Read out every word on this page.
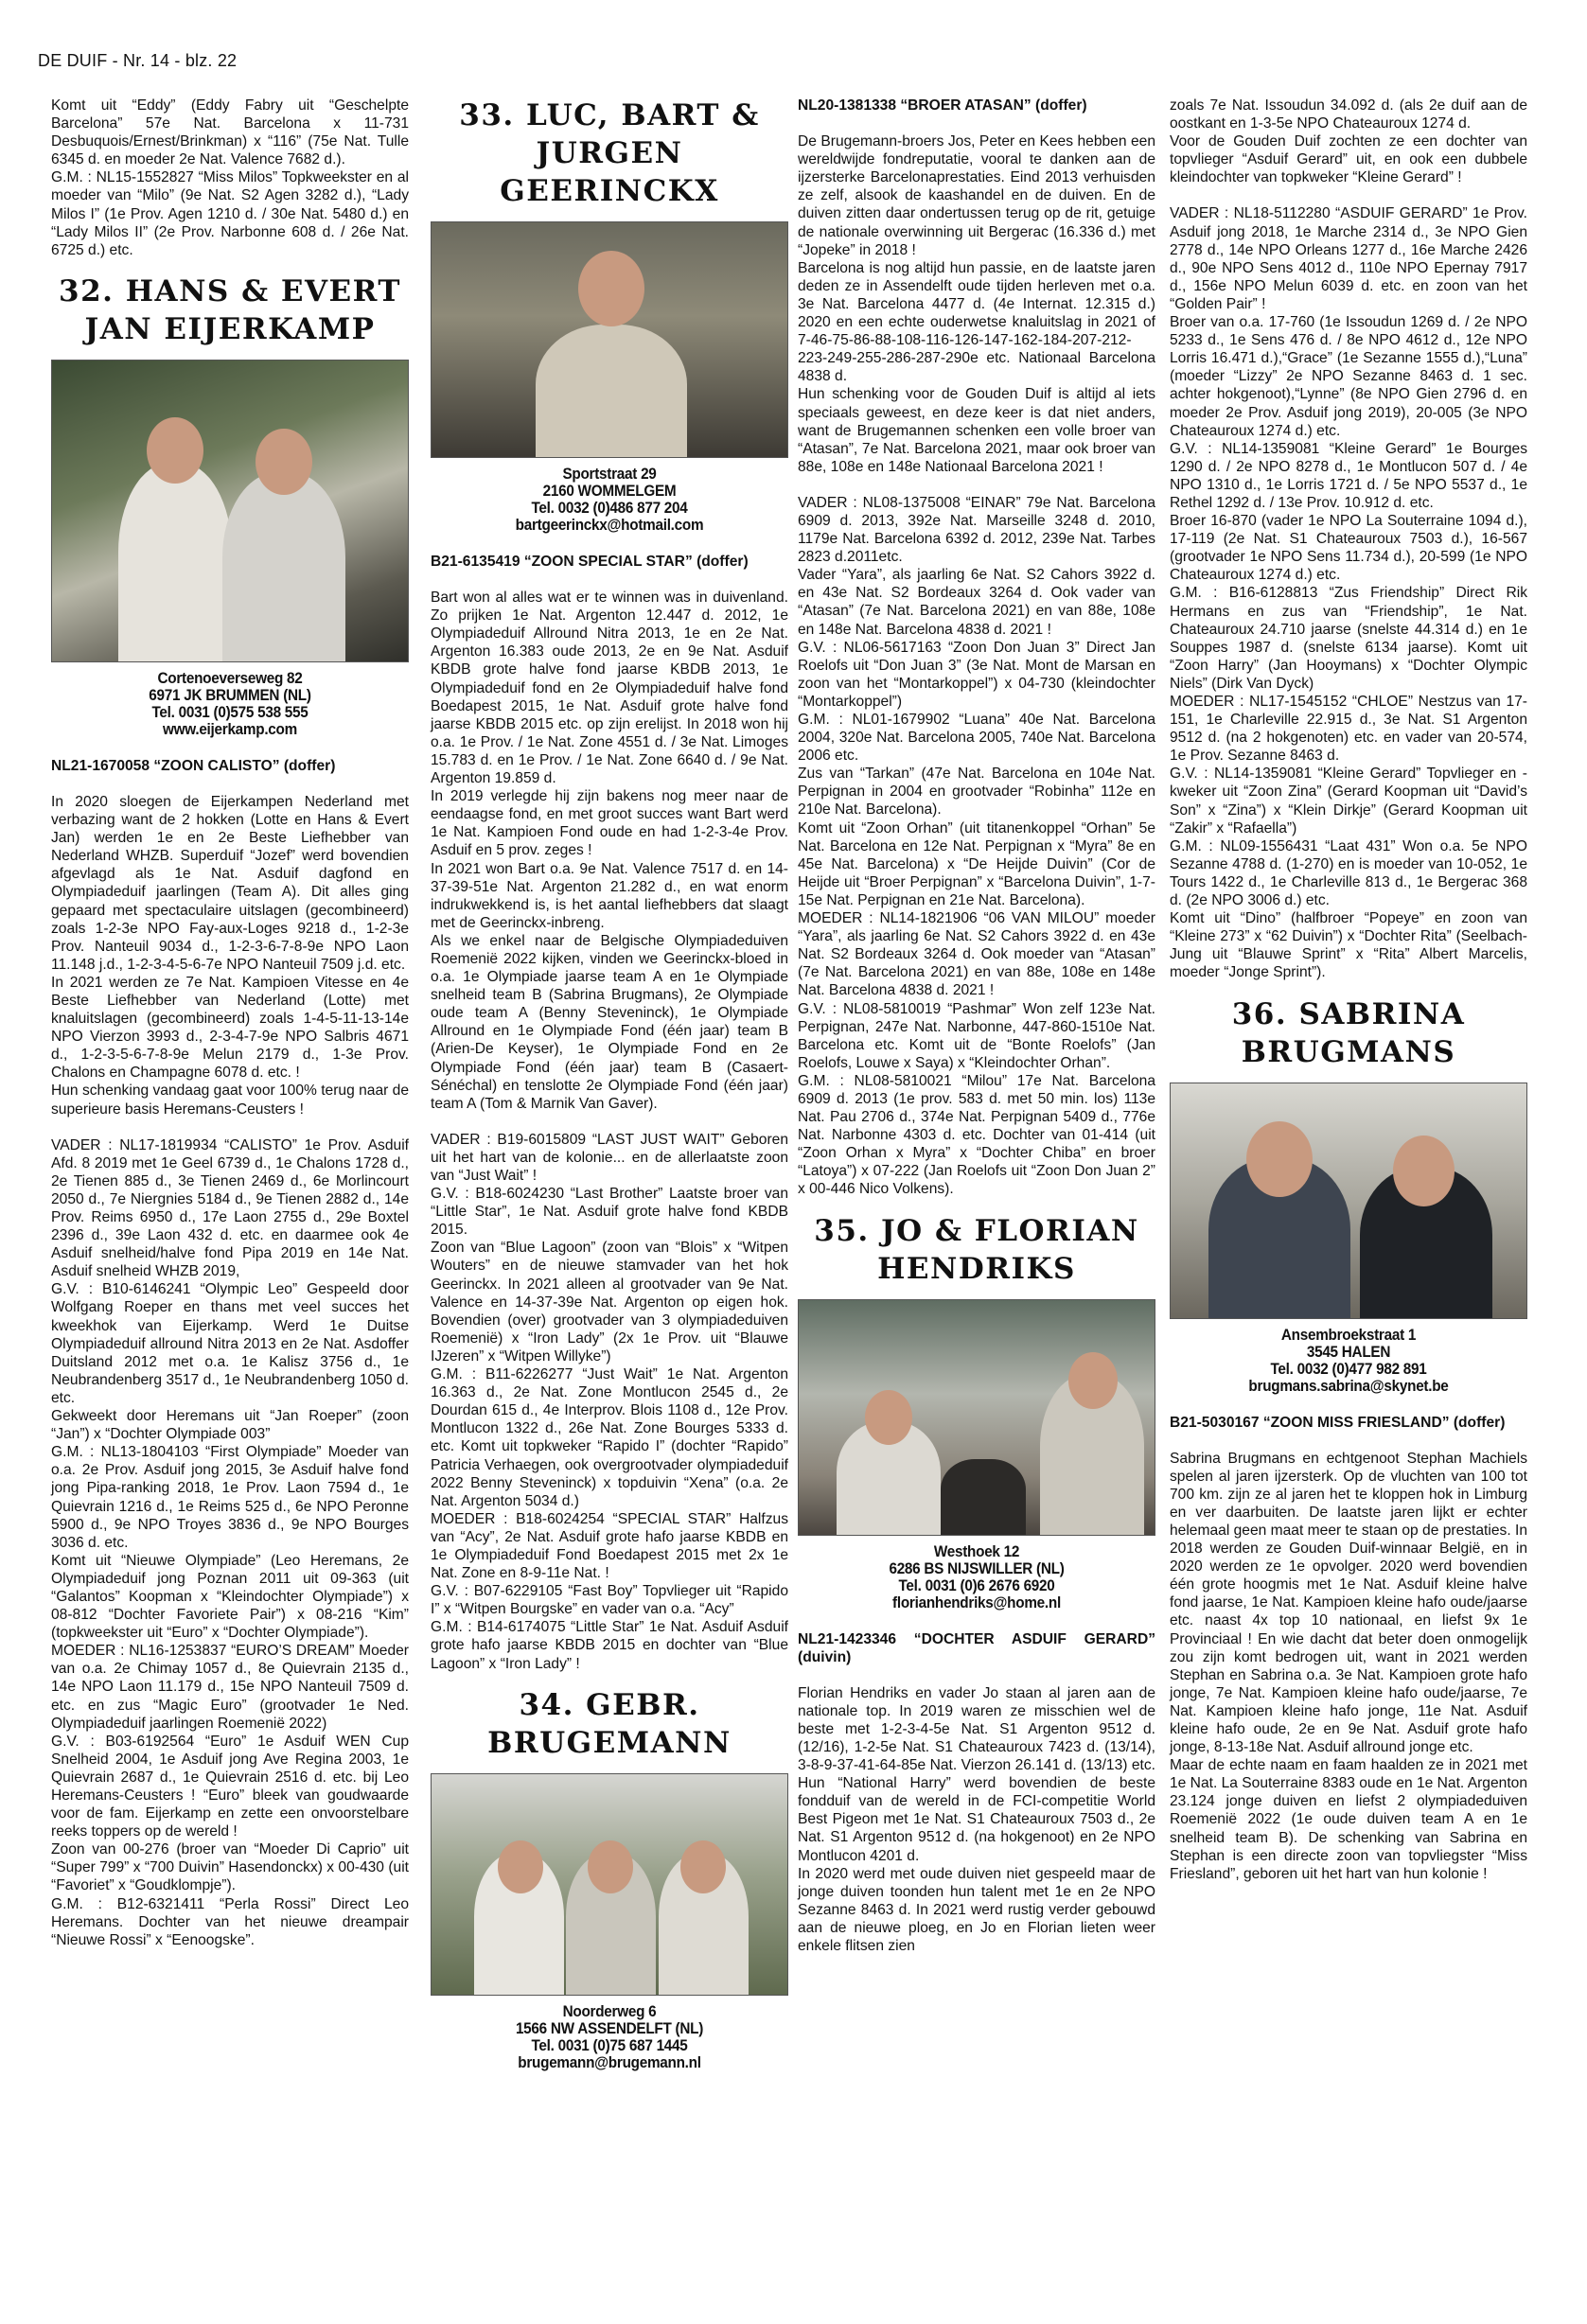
DE DUIF - Nr. 14 - blz. 22

Komt uit “Eddy” (Eddy Fabry uit “Geschelpte Barcelona” 57e Nat. Barcelona x 11-731 Desbuquois/Ernest/Brinkman) x “116” (75e Nat. Tulle 6345 d. en moeder 2e Nat. Valence 7682 d.).

G.M. : NL15-1552827 “Miss Milos” Topkweekster en al moeder van “Milo” (9e Nat. S2 Agen 3282 d.), “Lady Milos I” (1e Prov. Agen 1210 d. / 30e Nat. 5480 d.) en “Lady Milos II” (2e Prov. Narbonne 608 d. / 26e Nat. 6725 d.) etc.

32. HANS & EVERT JAN EIJERKAMP
Cortenoeverseweg 82
6971 JK BRUMMEN (NL)
Tel. 0031 (0)575 538 555
www.eijerkamp.com

NL21-1670058 “ZOON CALISTO” (doffer)

In 2020 sloegen de Eijerkampen Nederland met verbazing want de 2 hokken (Lotte en Hans & Evert Jan) werden 1e en 2e Beste Liefhebber van Nederland WHZB. Superduif “Jozef” werd bovendien afgevlagd als 1e Nat. Asduif dagfond en Olympiadeduif jaarlingen (Team A). Dit alles ging gepaard met spectaculaire uitslagen (gecombineerd) zoals 1-2-3e NPO Fay-aux-Loges 9218 d., 1-2-3e Prov. Nanteuil 9034 d., 1-2-3-6-7-8-9e NPO Laon 11.148 j.d., 1-2-3-4-5-6-7e NPO Nanteuil 7509 j.d. etc.

In 2021 werden ze 7e Nat. Kampioen Vitesse en 4e Beste Liefhebber van Nederland (Lotte) met knaluitslagen (gecombineerd) zoals 1-4-5-11-13-14e NPO Vierzon 3993 d., 2-3-4-7-9e NPO Salbris 4671 d., 1-2-3-5-6-7-8-9e Melun 2179 d., 1-3e Prov. Chalons en Champagne 6078 d. etc. !

Hun schenking vandaag gaat voor 100% terug naar de superieure basis Heremans-Ceusters !

VADER : NL17-1819934 “CALISTO” 1e Prov. Asduif Afd. 8 2019 met 1e Geel 6739 d., 1e Chalons 1728 d., 2e Tienen 885 d., 3e Tienen 2469 d., 6e Morlincourt 2050 d., 7e Niergnies 5184 d., 9e Tienen 2882 d., 14e Prov. Reims 6950 d., 17e Laon 2755 d., 29e Boxtel 2396 d., 39e Laon 432 d. etc. en daarmee ook 4e Asduif snelheid/halve fond Pipa 2019 en 14e Nat. Asduif snelheid WHZB 2019,

G.V. : B10-6146241 “Olympic Leo” Gespeeld door Wolfgang Roeper en thans met veel succes het kweekhok van Eijerkamp. Werd 1e Duitse Olympiadeduif allround Nitra 2013 en 2e Nat. Asdoffer Duitsland 2012 met o.a. 1e Kalisz 3756 d., 1e Neubrandenberg 3517 d., 1e Neubrandenberg 1050 d. etc.

Gekweekt door Heremans uit “Jan Roeper” (zoon “Jan”) x “Dochter Olympiade 003”

G.M. : NL13-1804103 “First Olympiade” Moeder van o.a. 2e Prov. Asduif jong 2015, 3e Asduif halve fond jong Pipa-ranking 2018, 1e Prov. Laon 7594 d., 1e Quievrain 1216 d., 1e Reims 525 d., 6e NPO Peronne 5900 d., 9e NPO Troyes 3836 d., 9e NPO Bourges 3036 d. etc.

Komt uit “Nieuwe Olympiade” (Leo Heremans, 2e Olympiadeduif jong Poznan 2011 uit 09-363 (uit “Galantos” Koopman x “Kleindochter Olympiade”) x 08-812 “Dochter Favoriete Pair”) x 08-216 “Kim” (topkweekster uit “Euro” x “Dochter Olympiade”).

MOEDER : NL16-1253837 “EURO’S DREAM” Moeder van o.a. 2e Chimay 1057 d., 8e Quievrain 2135 d., 14e NPO Laon 11.179 d., 15e NPO Nanteuil 7509 d. etc. en zus “Magic Euro” (grootvader 1e Ned. Olympiadeduif jaarlingen Roemenië 2022)

G.V. : B03-6192564 “Euro” 1e Asduif WEN Cup Snelheid 2004, 1e Asduif jong Ave Regina 2003, 1e Quievrain 2687 d., 1e Quievrain 2516 d. etc. bij Leo Heremans-Ceusters ! “Euro” bleek van goudwaarde voor de fam. Eijerkamp en zette een onvoorstelbare reeks toppers op de wereld !

Zoon van 00-276 (broer van “Moeder Di Caprio” uit “Super 799” x “700 Duivin” Hasendonckx) x 00-430 (uit “Favoriet” x “Goudklompje”).

G.M. : B12-6321411 “Perla Rossi” Direct Leo Heremans. Dochter van het nieuwe dreampair “Nieuwe Rossi” x “Eenoogske”.

33. LUC, BART & JURGEN GEERINCKX
Sportstraat 29
2160 WOMMELGEM
Tel. 0032 (0)486 877 204
bartgeerinckx@hotmail.com

B21-6135419 “ZOON SPECIAL STAR” (doffer)

Bart won al alles wat er te winnen was in duivenland. Zo prijken 1e Nat. Argenton 12.447 d. 2012, 1e Olympiadeduif Allround Nitra 2013, 1e en 2e Nat. Argenton 16.383 oude 2013, 2e en 9e Nat. Asduif KBDB grote halve fond jaarse KBDB 2013, 1e Olympiadeduif fond en 2e Olympiadeduif halve fond Boedapest 2015, 1e Nat. Asduif grote halve fond jaarse KBDB 2015 etc. op zijn erelijst. In 2018 won hij o.a. 1e Prov. / 1e Nat. Zone 4551 d. / 3e Nat. Limoges 15.783 d. en 1e Prov. / 1e Nat. Zone 6640 d. / 9e Nat. Argenton 19.859 d.

In 2019 verlegde hij zijn bakens nog meer naar de eendaagse fond, en met groot succes want Bart werd 1e Nat. Kampioen Fond oude en had 1-2-3-4e Prov. Asduif en 5 prov. zeges !

In 2021 won Bart o.a. 9e Nat. Valence 7517 d. en 14-37-39-51e Nat. Argenton 21.282 d., en wat enorm indrukwekkend is, is het aantal liefhebbers dat slaagt met de Geerinckx-inbreng.

Als we enkel naar de Belgische Olympiadeduiven Roemenië 2022 kijken, vinden we Geerinckx-bloed in o.a. 1e Olympiade jaarse team A en 1e Olympiade snelheid team B (Sabrina Brugmans), 2e Olympiade oude team A (Benny Steveninck), 1e Olympiade Allround en 1e Olympiade Fond (één jaar) team B (Arien-De Keyser), 1e Olympiade Fond en 2e Olympiade Fond (één jaar) team B (Casaert-Sénéchal) en tenslotte 2e Olympiade Fond (één jaar) team A (Tom & Marnik Van Gaver).

VADER : B19-6015809 “LAST JUST WAIT” Geboren uit het hart van de kolonie... en de allerlaatste zoon van “Just Wait” !

G.V. : B18-6024230 “Last Brother” Laatste broer van “Little Star”, 1e Nat. Asduif grote halve fond KBDB 2015.

Zoon van “Blue Lagoon” (zoon van “Blois” x “Witpen Wouters” en de nieuwe stamvader van het hok Geerinckx. In 2021 alleen al grootvader van 9e Nat. Valence en 14-37-39e Nat. Argenton op eigen hok. Bovendien (over) grootvader van 3 olympiadeduiven Roemenië) x “Iron Lady” (2x 1e Prov. uit “Blauwe IJzeren” x “Witpen Willyke”)

G.M. : B11-6226277 “Just Wait” 1e Nat. Argenton 16.363 d., 2e Nat. Zone Montlucon 2545 d., 2e Dourdan 615 d., 4e Interprov. Blois 1108 d., 12e Prov. Montlucon 1322 d., 26e Nat. Zone Bourges 5333 d. etc. Komt uit topkweker “Rapido I” (dochter “Rapido” Patricia Verhaegen, ook overgrootvader olympiadeduif 2022 Benny Steveninck) x topduivin “Xena” (o.a. 2e Nat. Argenton 5034 d.)

MOEDER : B18-6024254 “SPECIAL STAR” Halfzus van “Acy”, 2e Nat. Asduif grote hafo jaarse KBDB en 1e Olympiadeduif Fond Boedapest 2015 met 2x 1e Nat. Zone en 8-9-11e Nat. !

G.V. : B07-6229105 “Fast Boy” Topvlieger uit “Rapido I” x “Witpen Bourgske” en vader van o.a. “Acy”

G.M. : B14-6174075 “Little Star” 1e Nat. Asduif Asduif grote hafo jaarse KBDB 2015 en dochter van “Blue Lagoon” x “Iron Lady” !

34. GEBR. BRUGEMANN
Noorderweg 6
1566 NW ASSENDELFT (NL)
Tel. 0031 (0)75 687 1445
brugemann@brugemann.nl

NL20-1381338 “BROER ATASAN” (doffer)

De Brugemann-broers Jos, Peter en Kees hebben een wereldwijde fondreputatie, vooral te danken aan de ijzersterke Barcelonaprestaties. Eind 2013 verhuisden ze zelf, alsook de kaashandel en de duiven. En de duiven zitten daar ondertussen terug op de rit, getuige de nationale overwinning uit Bergerac (16.336 d.) met “Jopeke” in 2018 !

Barcelona is nog altijd hun passie, en de laatste jaren deden ze in Assendelft oude tijden herleven met o.a. 3e Nat. Barcelona 4477 d. (4e Internat. 12.315 d.) 2020 en een echte ouderwetse knaluitslag in 2021 of 7-46-75-86-88-108-116-126-147-162-184-207-212-223-249-255-286-287-290e etc. Nationaal Barcelona 4838 d.

Hun schenking voor de Gouden Duif is altijd al iets speciaals geweest, en deze keer is dat niet anders, want de Brugemannen schenken een volle broer van “Atasan”, 7e Nat. Barcelona 2021, maar ook broer van 88e, 108e en 148e Nationaal Barcelona 2021 !

VADER : NL08-1375008 “EINAR” 79e Nat. Barcelona 6909 d. 2013, 392e Nat. Marseille 3248 d. 2010, 1179e Nat. Barcelona 6392 d. 2012, 239e Nat. Tarbes 2823 d.2011etc.

Vader “Yara”, als jaarling 6e Nat. S2 Cahors 3922 d. en 43e Nat. S2 Bordeaux 3264 d. Ook vader van “Atasan” (7e Nat. Barcelona 2021) en van 88e, 108e en 148e Nat. Barcelona 4838 d. 2021 !

G.V. : NL06-5617163 “Zoon Don Juan 3” Direct Jan Roelofs uit “Don Juan 3” (3e Nat. Mont de Marsan en zoon van het “Montarkoppel”) x 04-730 (kleindochter “Montarkoppel”)

G.M. : NL01-1679902 “Luana” 40e Nat. Barcelona 2004, 320e Nat. Barcelona 2005, 740e Nat. Barcelona 2006 etc.

Zus van “Tarkan” (47e Nat. Barcelona en 104e Nat. Perpignan in 2004 en grootvader “Robinha” 112e en 210e Nat. Barcelona).

Komt uit “Zoon Orhan” (uit titanenkoppel “Orhan” 5e Nat. Barcelona en 12e Nat. Perpignan x “Myra” 8e en 45e Nat. Barcelona) x “De Heijde Duivin” (Cor de Heijde uit “Broer Perpignan” x “Barcelona Duivin”, 1-7-15e Nat. Perpignan en 21e Nat. Barcelona).

MOEDER : NL14-1821906 “06 VAN MILOU” moeder “Yara”, als jaarling 6e Nat. S2 Cahors 3922 d. en 43e Nat. S2 Bordeaux 3264 d. Ook moeder van “Atasan” (7e Nat. Barcelona 2021) en van 88e, 108e en 148e Nat. Barcelona 4838 d. 2021 !

G.V. : NL08-5810019 “Pashmar” Won zelf 123e Nat. Perpignan, 247e Nat. Narbonne, 447-860-1510e Nat. Barcelona etc. Komt uit de “Bonte Roelofs” (Jan Roelofs, Louwe x Saya) x “Kleindochter Orhan”.

G.M. : NL08-5810021 “Milou” 17e Nat. Barcelona 6909 d. 2013 (1e prov. 583 d. met 50 min. los) 113e Nat. Pau 2706 d., 374e Nat. Perpignan 5409 d., 776e Nat. Narbonne 4303 d. etc. Dochter van 01-414 (uit “Zoon Orhan x Myra” x “Dochter Chiba” en broer “Latoya”) x 07-222 (Jan Roelofs uit “Zoon Don Juan 2” x 00-446 Nico Volkens).

35. JO & FLORIAN HENDRIKS
Westhoek 12
6286 BS NIJSWILLER (NL)
Tel. 0031 (0)6 2676 6920
florianhendriks@home.nl

NL21-1423346 “DOCHTER ASDUIF GERARD” (duivin)

Florian Hendriks en vader Jo staan al jaren aan de nationale top. In 2019 waren ze misschien wel de beste met 1-2-3-4-5e Nat. S1 Argenton 9512 d. (12/16), 1-2-5e Nat. S1 Chateauroux 7423 d. (13/14), 3-8-9-37-41-64-85e Nat. Vierzon 26.141 d. (13/13) etc. Hun “National Harry” werd bovendien de beste fondduif van de wereld in de FCI-competitie World Best Pigeon met 1e Nat. S1 Chateauroux 7503 d., 2e Nat. S1 Argenton 9512 d. (na hokgenoot) en 2e NPO Montlucon 4201 d.

In 2020 werd met oude duiven niet gespeeld maar de jonge duiven toonden hun talent met 1e en 2e NPO Sezanne 8463 d. In 2021 werd rustig verder gebouwd aan de nieuwe ploeg, en Jo en Florian lieten weer enkele flitsen zien

zoals 7e Nat. Issoudun 34.092 d. (als 2e duif aan de oostkant en 1-3-5e NPO Chateauroux 1274 d.

Voor de Gouden Duif zochten ze een dochter van topvlieger “Asduif Gerard” uit, en ook een dubbele kleindochter van topkweker “Kleine Gerard” !

VADER : NL18-5112280 “ASDUIF GERARD” 1e Prov. Asduif jong 2018, 1e Marche 2314 d., 3e NPO Gien 2778 d., 14e NPO Orleans 1277 d., 16e Marche 2426 d., 90e NPO Sens 4012 d., 110e NPO Epernay 7917 d., 156e NPO Melun 6039 d. etc. en zoon van het “Golden Pair” !

Broer van o.a. 17-760 (1e Issoudun 1269 d. / 2e NPO 5233 d., 1e Sens 476 d. / 8e NPO 4612 d., 12e NPO Lorris 16.471 d.),“Grace” (1e Sezanne 1555 d.),“Luna” (moeder “Lizzy” 2e NPO Sezanne 8463 d. 1 sec. achter hokgenoot),“Lynne” (8e NPO Gien 2796 d. en moeder 2e Prov. Asduif jong 2019), 20-005 (3e NPO Chateauroux 1274 d.) etc.

G.V. : NL14-1359081 “Kleine Gerard” 1e Bourges 1290 d. / 2e NPO 8278 d., 1e Montlucon 507 d. / 4e NPO 1310 d., 1e Lorris 1721 d. / 5e NPO 5537 d., 1e Rethel 1292 d. / 13e Prov. 10.912 d. etc.

Broer 16-870 (vader 1e NPO La Souterraine 1094 d.), 17-119 (2e Nat. S1 Chateauroux 7503 d.), 16-567 (grootvader 1e NPO Sens 11.734 d.), 20-599 (1e NPO Chateauroux 1274 d.) etc.

G.M. : B16-6128813 “Zus Friendship” Direct Rik Hermans en zus van “Friendship”, 1e Nat. Chateauroux 24.710 jaarse (snelste 44.314 d.) en 1e Souppes 1987 d. (snelste 6134 jaarse). Komt uit “Zoon Harry” (Jan Hooymans) x “Dochter Olympic Niels” (Dirk Van Dyck)

MOEDER : NL17-1545152 “CHLOE” Nestzus van 17-151, 1e Charleville 22.915 d., 3e Nat. S1 Argenton 9512 d. (na 2 hokgenoten) etc. en vader van 20-574, 1e Prov. Sezanne 8463 d.

G.V. : NL14-1359081 “Kleine Gerard” Topvlieger en -kweker uit “Zoon Zina” (Gerard Koopman uit “David’s Son” x “Zina”) x “Klein Dirkje” (Gerard Koopman uit “Zakir” x “Rafaella”)

G.M. : NL09-1556431 “Laat 431” Won o.a. 5e NPO Sezanne 4788 d. (1-270) en is moeder van 10-052, 1e Tours 1422 d., 1e Charleville 813 d., 1e Bergerac 368 d. (2e NPO 3006 d.) etc.

Komt uit “Dino” (halfbroer “Popeye” en zoon van “Kleine 273” x “62 Duivin”) x “Dochter Rita” (Seelbach-Jung uit “Blauwe Sprint” x “Rita” Albert Marcelis, moeder “Jonge Sprint”).

36. SABRINA BRUGMANS
Ansembroekstraat 1
3545 HALEN
Tel. 0032 (0)477 982 891
brugmans.sabrina@skynet.be

B21-5030167 “ZOON MISS FRIESLAND” (doffer)

Sabrina Brugmans en echtgenoot Stephan Machiels spelen al jaren ijzersterk. Op de vluchten van 100 tot 700 km. zijn ze al jaren het te kloppen hok in Limburg en ver daarbuiten. De laatste jaren lijkt er echter helemaal geen maat meer te staan op de prestaties. In 2018 werden ze Gouden Duif-winnaar België, en in 2020 werden ze 1e opvolger. 2020 werd bovendien één grote hoogmis met 1e Nat. Asduif kleine halve fond jaarse, 1e Nat. Kampioen kleine hafo oude/jaarse etc. naast 4x top 10 nationaal, en liefst 9x 1e Provinciaal ! En wie dacht dat beter doen onmogelijk zou zijn komt bedrogen uit, want in 2021 werden Stephan en Sabrina o.a. 3e Nat. Kampioen grote hafo jonge, 7e Nat. Kampioen kleine hafo oude/jaarse, 7e Nat. Kampioen kleine hafo jonge, 11e Nat. Asduif kleine hafo oude, 2e en 9e Nat. Asduif grote hafo jonge, 8-13-18e Nat. Asduif allround jonge etc.

Maar de echte naam en faam haalden ze in 2021 met 1e Nat. La Souterraine 8383 oude en 1e Nat. Argenton 23.124 jonge duiven en liefst 2 olympiadeduiven Roemenië 2022 (1e oude duiven team A en 1e snelheid team B). De schenking van Sabrina en Stephan is een directe zoon van topvliegster “Miss Friesland”, geboren uit het hart van hun kolonie !
